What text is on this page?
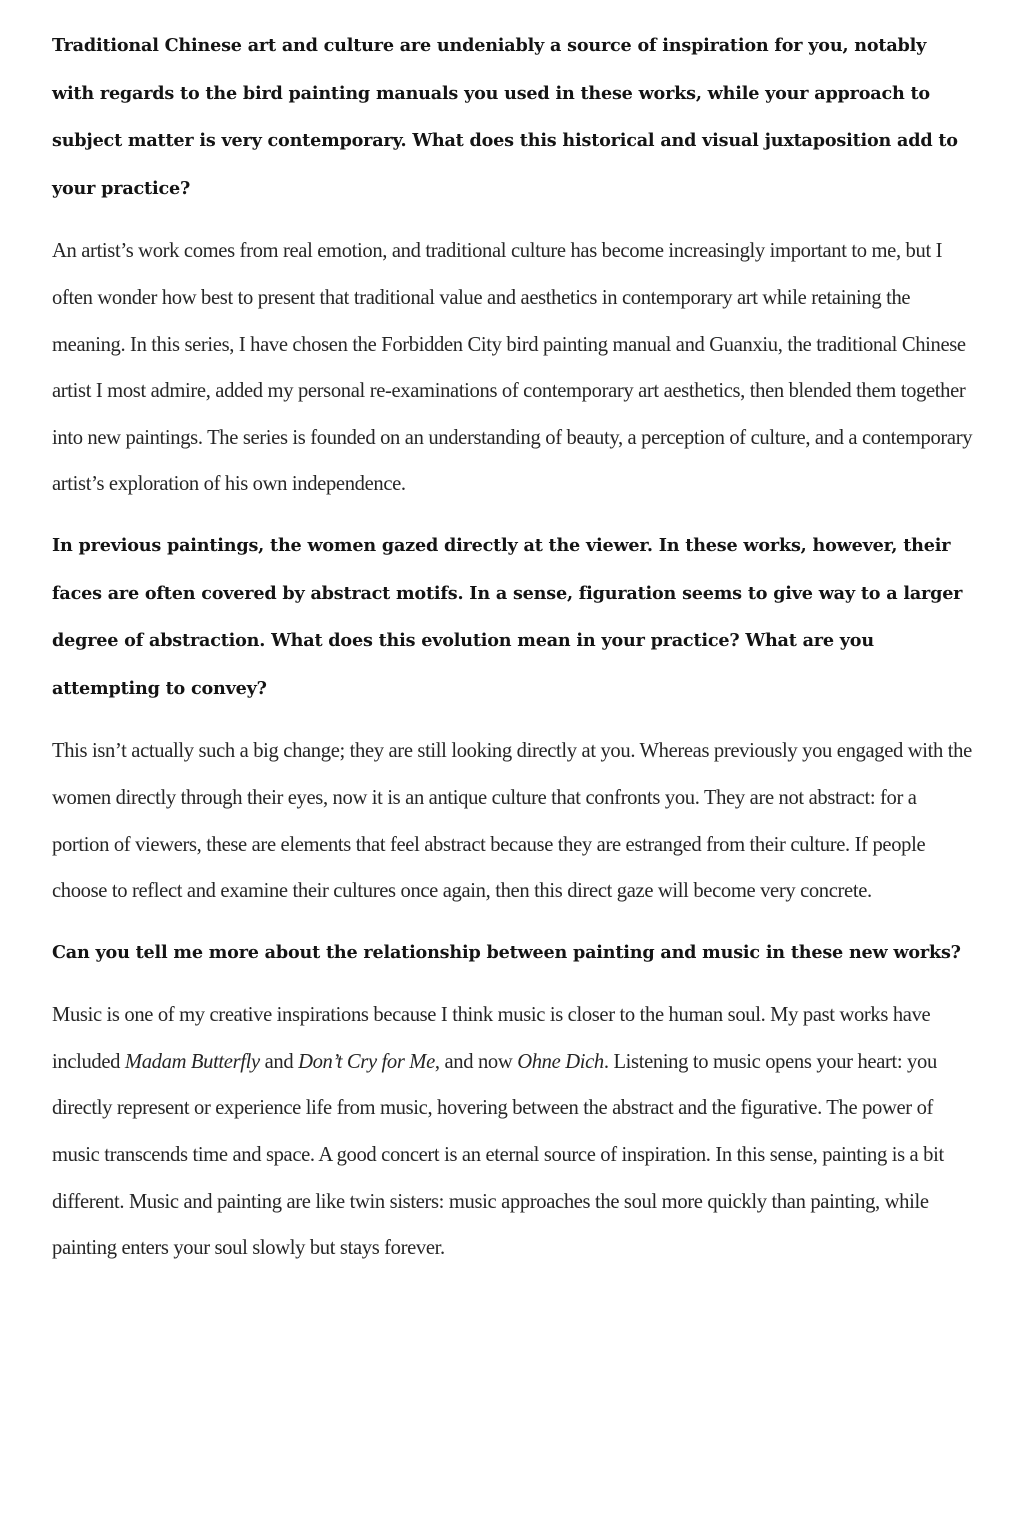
Traditional Chinese art and culture are undeniably a source of inspiration for you, notably with regards to the bird painting manuals you used in these works, while your approach to subject matter is very contemporary. What does this historical and visual juxtaposition add to your practice?

An artist’s work comes from real emotion, and traditional culture has become increasingly important to me, but I often wonder how best to present that traditional value and aesthetics in contemporary art while retaining the meaning. In this series, I have chosen the Forbidden City bird painting manual and Guanxiu, the traditional Chinese artist I most admire, added my personal re-examinations of contemporary art aesthetics, then blended them together into new paintings. The series is founded on an understanding of beauty, a perception of culture, and a contemporary artist’s exploration of his own independence.

In previous paintings, the women gazed directly at the viewer. In these works, however, their faces are often covered by abstract motifs. In a sense, figuration seems to give way to a larger degree of abstraction. What does this evolution mean in your practice? What are you attempting to convey?

This isn’t actually such a big change; they are still looking directly at you. Whereas previously you engaged with the women directly through their eyes, now it is an antique culture that confronts you. They are not abstract: for a portion of viewers, these are elements that feel abstract because they are estranged from their culture. If people choose to reflect and examine their cultures once again, then this direct gaze will become very concrete.

Can you tell me more about the relationship between painting and music in these new works?

Music is one of my creative inspirations because I think music is closer to the human soul. My past works have included Madam Butterfly and Don’t Cry for Me, and now Ohne Dich. Listening to music opens your heart: you directly represent or experience life from music, hovering between the abstract and the figurative. The power of music transcends time and space. A good concert is an eternal source of inspiration. In this sense, painting is a bit different. Music and painting are like twin sisters: music approaches the soul more quickly than painting, while painting enters your soul slowly but stays forever.
